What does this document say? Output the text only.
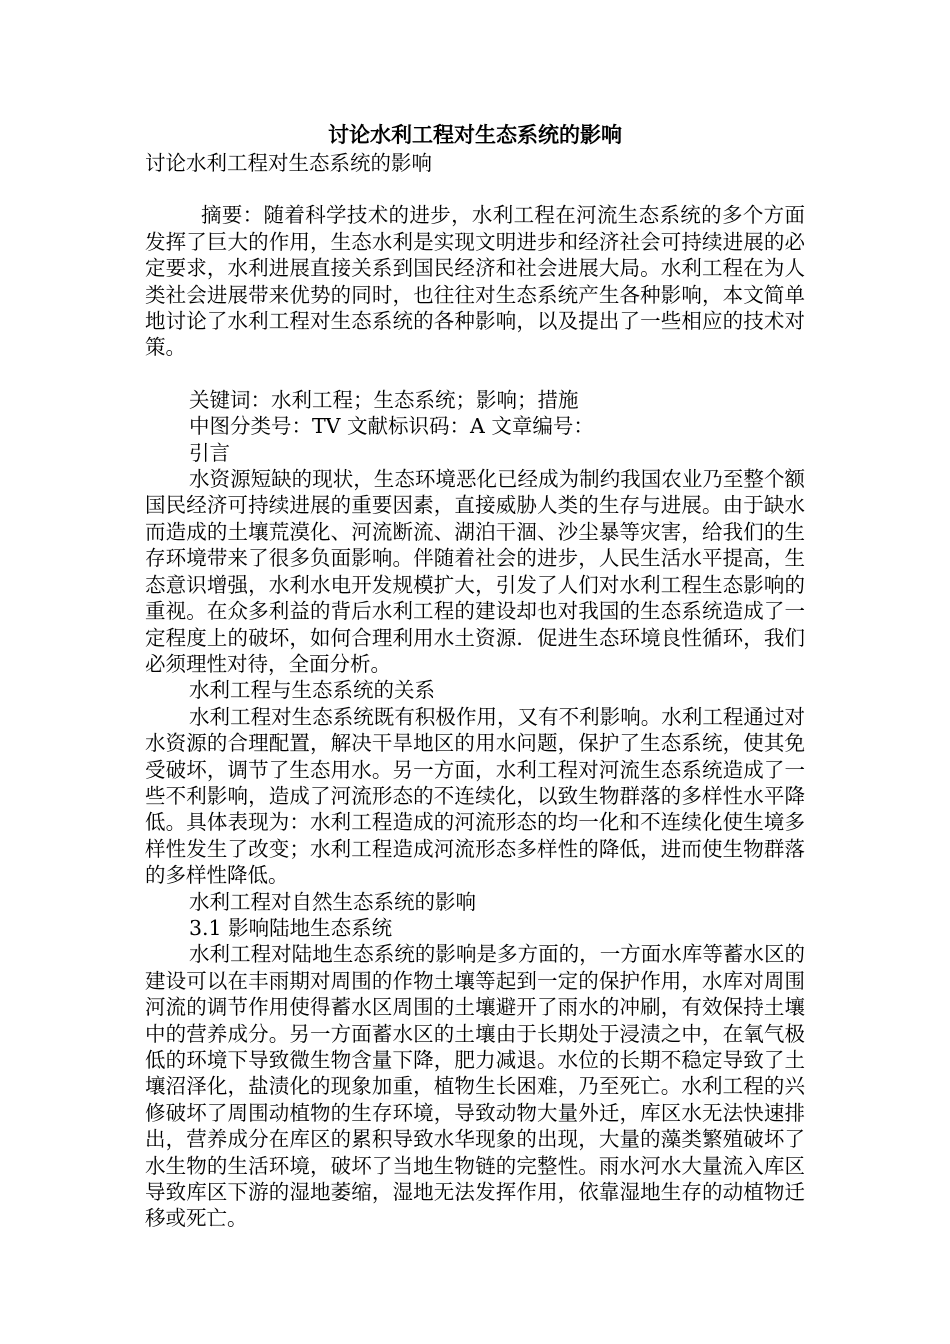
讨论水利工程对生态系统的影响

讨论水利工程对生态系统的影响

摘要：随着科学技术的进步，水利工程在河流生态系统的多个方面发挥了巨大的作用，生态水利是实现文明进步和经济社会可持续进展的必定要求，水利进展直接关系到国民经济和社会进展大局。水利工程在为人类社会进展带来优势的同时，也往往对生态系统产生各种影响，本文简单地讨论了水利工程对生态系统的各种影响，以及提出了一些相应的技术对策。

关键词：水利工程；生态系统；影响；措施

中图分类号：TV 文献标识码：A 文章编号：

引言

水资源短缺的现状，生态环境恶化已经成为制约我国农业乃至整个额国民经济可持续进展的重要因素，直接威胁人类的生存与进展。由于缺水而造成的土壤荒漠化、河流断流、湖泊干涸、沙尘暴等灾害，给我们的生存环境带来了很多负面影响。伴随着社会的进步，人民生活水平提高，生态意识增强，水利水电开发规模扩大，引发了人们对水利工程生态影响的重视。在众多利益的背后水利工程的建设却也对我国的生态系统造成了一定程度上的破坏，如何合理利用水土资源．促进生态环境良性循环，我们必须理性对待，全面分析。

水利工程与生态系统的关系

水利工程对生态系统既有积极作用，又有不利影响。水利工程通过对水资源的合理配置，解决干旱地区的用水问题，保护了生态系统，使其免受破坏，调节了生态用水。另一方面，水利工程对河流生态系统造成了一些不利影响，造成了河流形态的不连续化，以致生物群落的多样性水平降低。具体表现为：水利工程造成的河流形态的均一化和不连续化使生境多样性发生了改变；水利工程造成河流形态多样性的降低，进而使生物群落的多样性降低。

水利工程对自然生态系统的影响

3.1 影响陆地生态系统

水利工程对陆地生态系统的影响是多方面的，一方面水库等蓄水区的建设可以在丰雨期对周围的作物土壤等起到一定的保护作用，水库对周围河流的调节作用使得蓄水区周围的土壤避开了雨水的冲刷，有效保持土壤中的营养成分。另一方面蓄水区的土壤由于长期处于浸渍之中，在氧气极低的环境下导致微生物含量下降，肥力减退。水位的长期不稳定导致了土壤沼泽化，盐渍化的现象加重，植物生长困难，乃至死亡。水利工程的兴修破坏了周围动植物的生存环境，导致动物大量外迁，库区水无法快速排出，营养成分在库区的累积导致水华现象的出现，大量的藻类繁殖破坏了水生物的生活环境，破坏了当地生物链的完整性。雨水河水大量流入库区导致库区下游的湿地萎缩，湿地无法发挥作用，依靠湿地生存的动植物迁移或死亡。
